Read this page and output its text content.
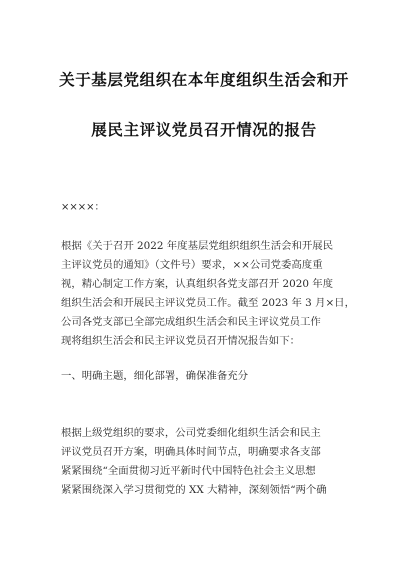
关于基层党组织在本年度组织生活会和开
展民主评议党员召开情况的报告
××××：
根据《关于召开 2022 年度基层党组织组织生活会和开展民
主评议党员的通知》（文件号）要求，××公司党委高度重
视，精心制定工作方案，认真组织各党支部召开 2020 年度
组织生活会和开展民主评议党员工作。截至 2023 年 3 月×日，
公司各党支部已全部完成组织生活会和民主评议党员工作
现将组织生活会和民主评议党员召开情况报告如下：
一、明确主题，细化部署，确保准备充分
根据上级党组织的要求，公司党委细化组织生活会和民主
评议党员召开方案，明确具体时间节点，明确要求各支部
紧紧围绕“全面贯彻习近平新时代中国特色社会主义思想
紧紧围绕深入学习贯彻党的 XX 大精神，深刻领悟“两个确
